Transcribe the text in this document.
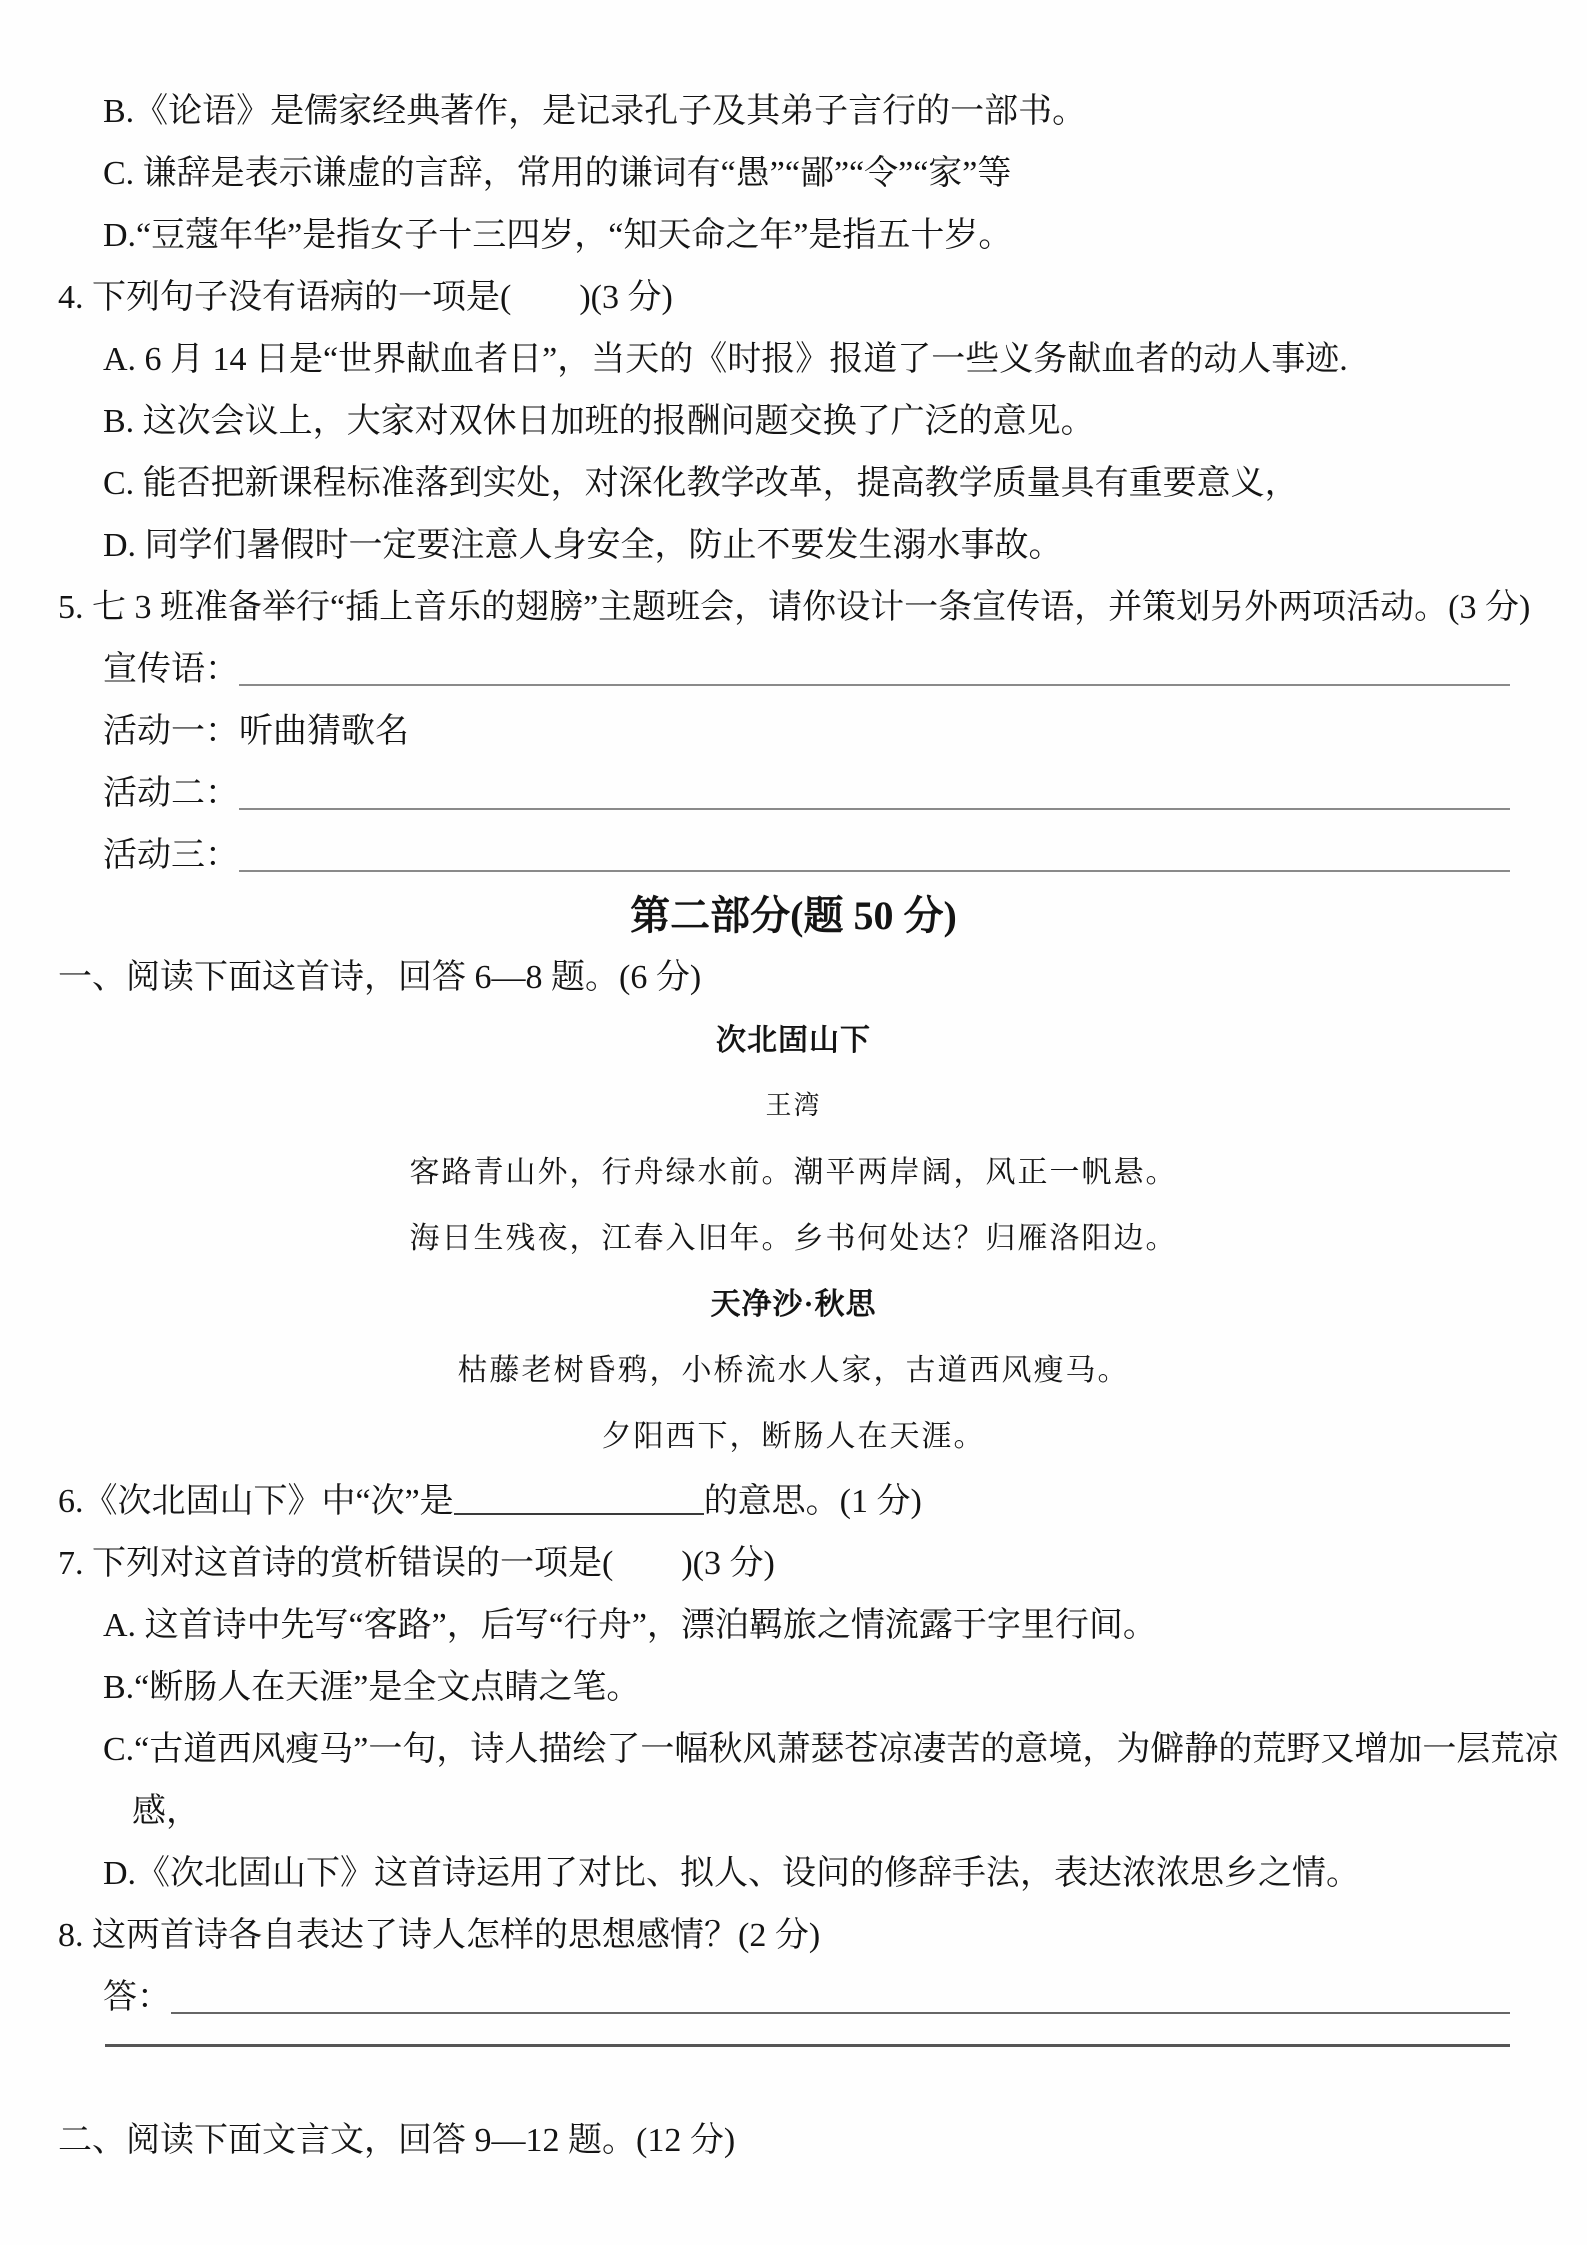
B.《论语》是儒家经典著作，是记录孔子及其弟子言行的一部书。
C. 谦辞是表示谦虚的言辞，常用的谦词有“愚”“鄙”“令”“家”等
D.“豆蔻年华”是指女子十三四岁，“知天命之年”是指五十岁。
4. 下列句子没有语病的一项是(　　)(3 分)
A. 6 月 14 日是“世界献血者日”，当天的《时报》报道了一些义务献血者的动人事迹.
B. 这次会议上，大家对双休日加班的报酬问题交换了广泛的意见。
C. 能否把新课程标准落到实处，对深化教学改革，提高教学质量具有重要意义，
D. 同学们暑假时一定要注意人身安全，防止不要发生溺水事故。
5. 七 3 班准备举行“插上音乐的翅膀”主题班会，请你设计一条宣传语，并策划另外两项活动。(3 分)
宣传语：
活动一： 听曲猜歌名
活动二：
活动三：
第二部分(题 50 分)
一、阅读下面这首诗，回答 6—8 题。(6 分)
次北固山下
王湾
客路青山外，行舟绿水前。潮平两岸阔，风正一帆悬。
海日生残夜，江春入旧年。乡书何处达？归雁洛阳边。
天净沙·秋思
枯藤老树昏鸦，小桥流水人家，古道西风瘦马。
夕阳西下，断肠人在天涯。
6.《次北固山下》中“次”是	的意思。(1 分)
7. 下列对这首诗的赏析错误的一项是(　　)(3 分)
A. 这首诗中先写“客路”，后写“行舟”，漂泊羁旅之情流露于字里行间。
B.“断肠人在天涯”是全文点睛之笔。
C.“古道西风瘦马”一句，诗人描绘了一幅秋风萧瑟苍凉凄苦的意境，为僻静的荒野又增加一层荒凉
感，
D.《次北固山下》这首诗运用了对比、拟人、设问的修辞手法，表达浓浓思乡之情。
8. 这两首诗各自表达了诗人怎样的思想感情？(2 分)
答：
二、阅读下面文言文，回答 9—12 题。(12 分)
